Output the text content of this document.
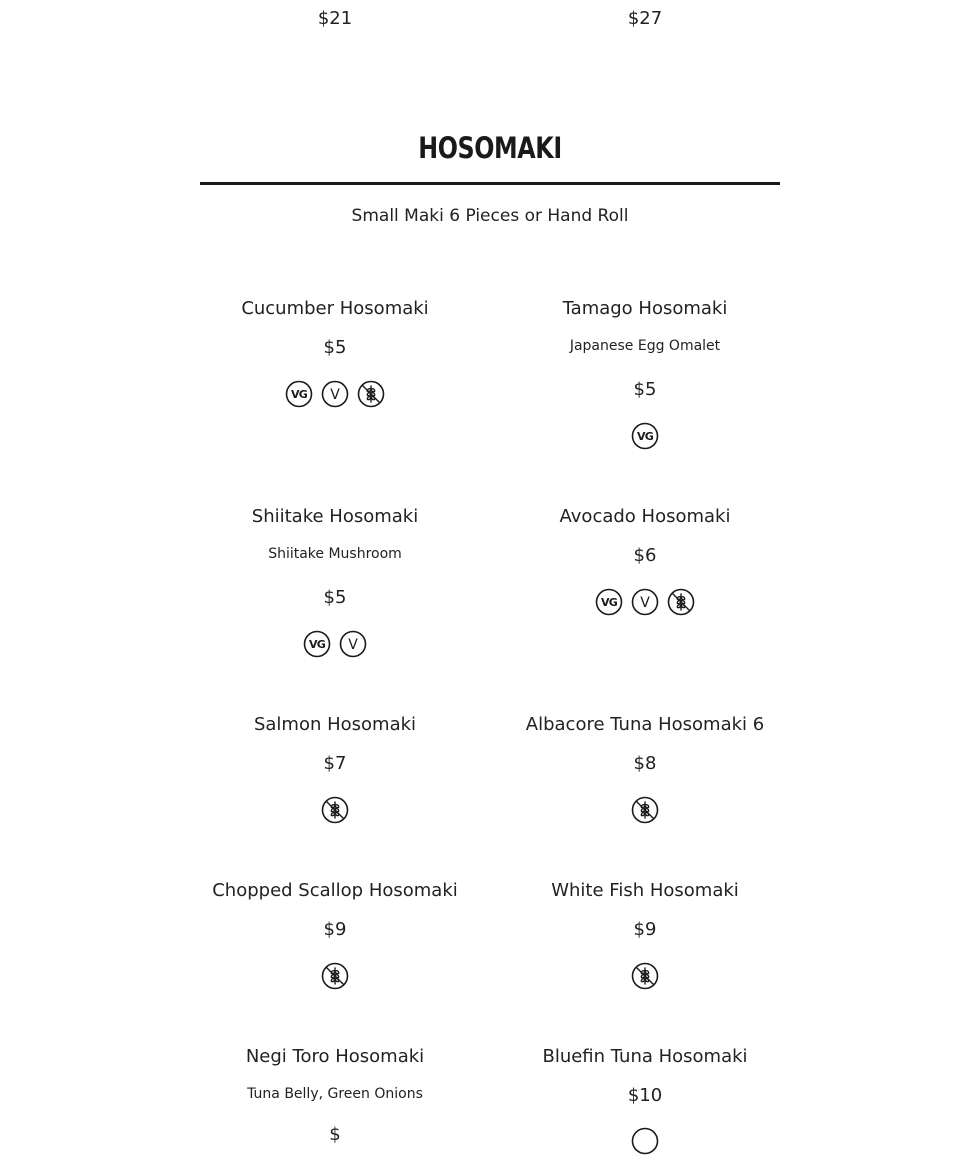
$21	$27
HOSOMAKI
Small Maki 6 Pieces or Hand Roll
Cucumber Hosomaki
$5
VG V
Tamago Hosomaki
Japanese Egg Omalet
$5
VG
Shiitake Hosomaki
Shiitake Mushroom
$5
VG V
Avocado Hosomaki
$6
VG V
Salmon Hosomaki
$7
Albacore Tuna Hosomaki 6
$8
Chopped Scallop Hosomaki
$9
White Fish Hosomaki
$9
Negi Toro Hosomaki
Tuna Belly, Green Onions
$
Bluefin Tuna Hosomaki
$10
